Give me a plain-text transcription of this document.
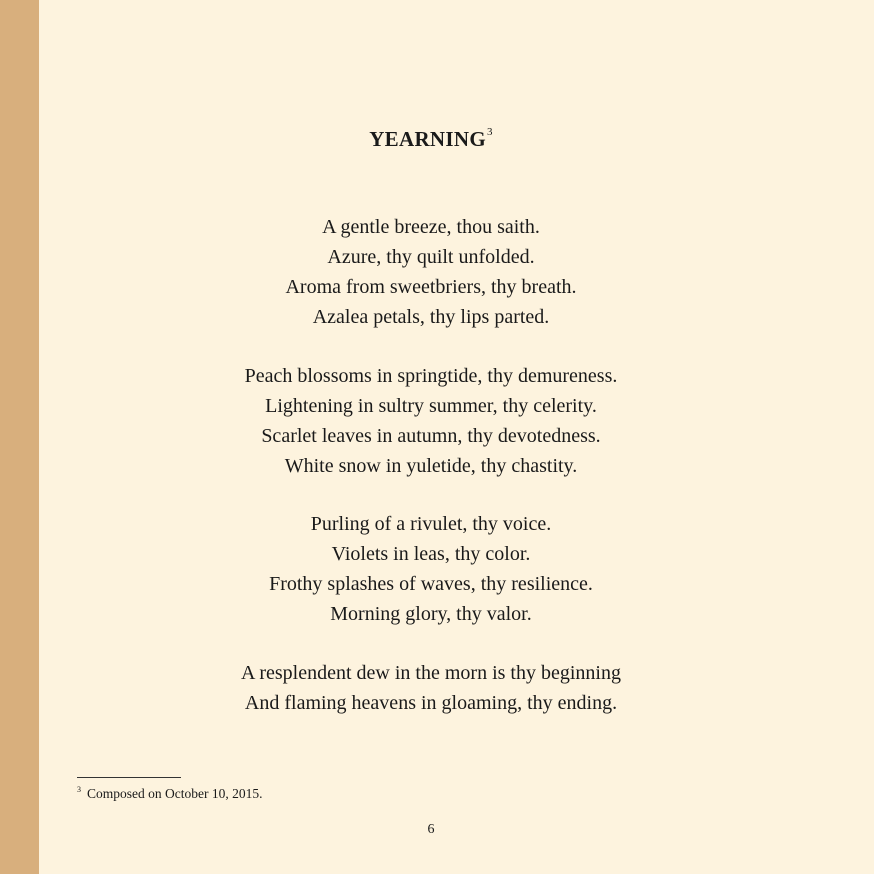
YEARNING$^3$
A gentle breeze, thou saith.
Azure, thy quilt unfolded.
Aroma from sweetbriers, thy breath.
Azalea petals, thy lips parted.
Peach blossoms in springtide, thy demureness.
Lightening in sultry summer, thy celerity.
Scarlet leaves in autumn, thy devotedness.
White snow in yuletide, thy chastity.
Purling of a rivulet, thy voice.
Violets in leas, thy color.
Frothy splashes of waves, thy resilience.
Morning glory, thy valor.
A resplendent dew in the morn is thy beginning
And flaming heavens in gloaming, thy ending.
$^3$ Composed on October 10, 2015.
6
